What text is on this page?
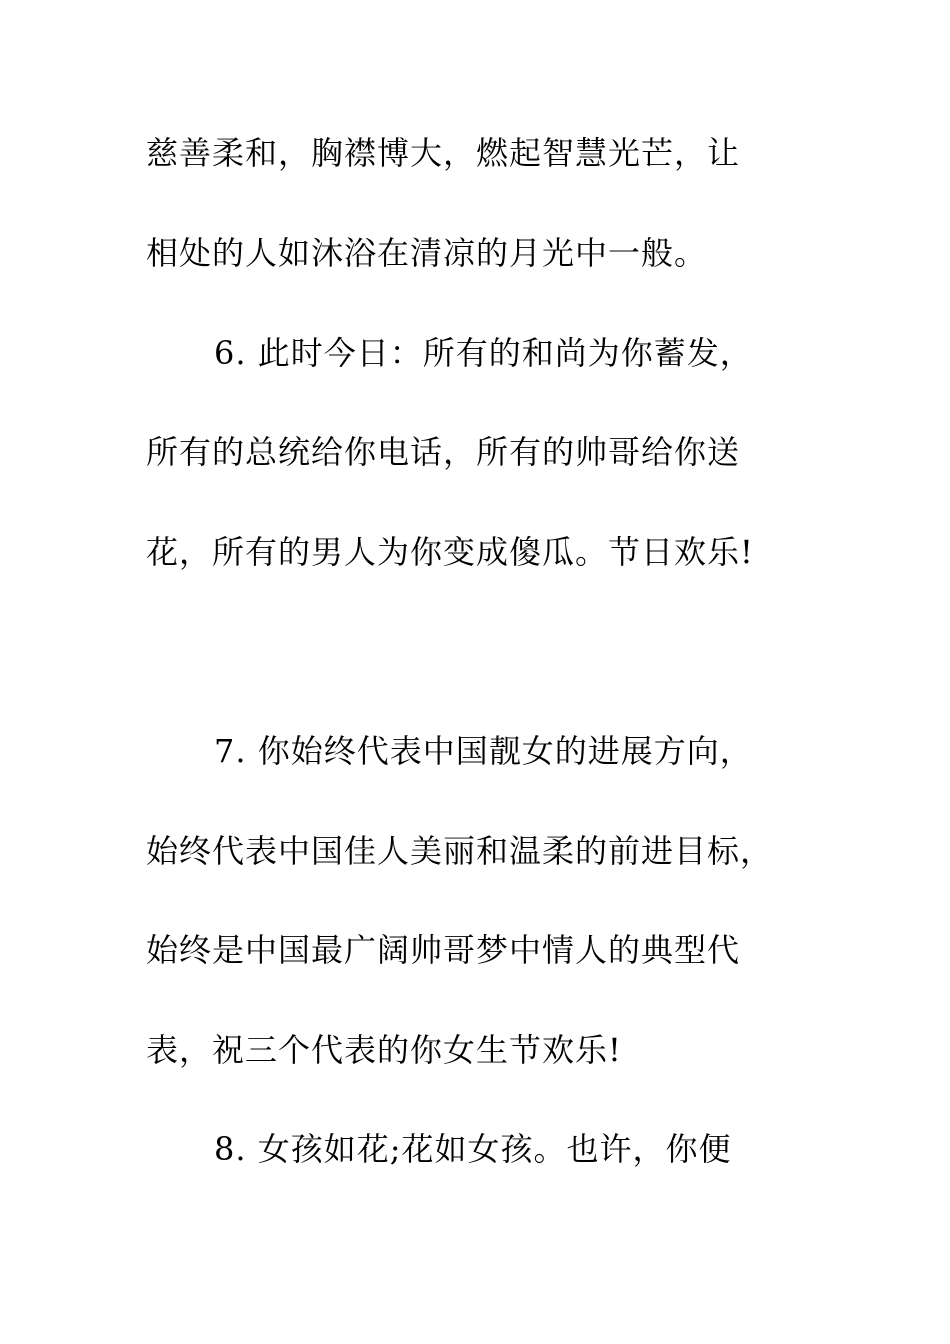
慈善柔和，胸襟博大，燃起智慧光芒，让
相处的人如沐浴在清凉的月光中一般。
6. 此时今日：所有的和尚为你蓄发，
所有的总统给你电话，所有的帅哥给你送
花，所有的男人为你变成傻瓜。节日欢乐!
7. 你始终代表中国靓女的进展方向，
始终代表中国佳人美丽和温柔的前进目标，
始终是中国最广阔帅哥梦中情人的典型代
表，祝三个代表的你女生节欢乐!
8. 女孩如花;花如女孩。也许，你便
